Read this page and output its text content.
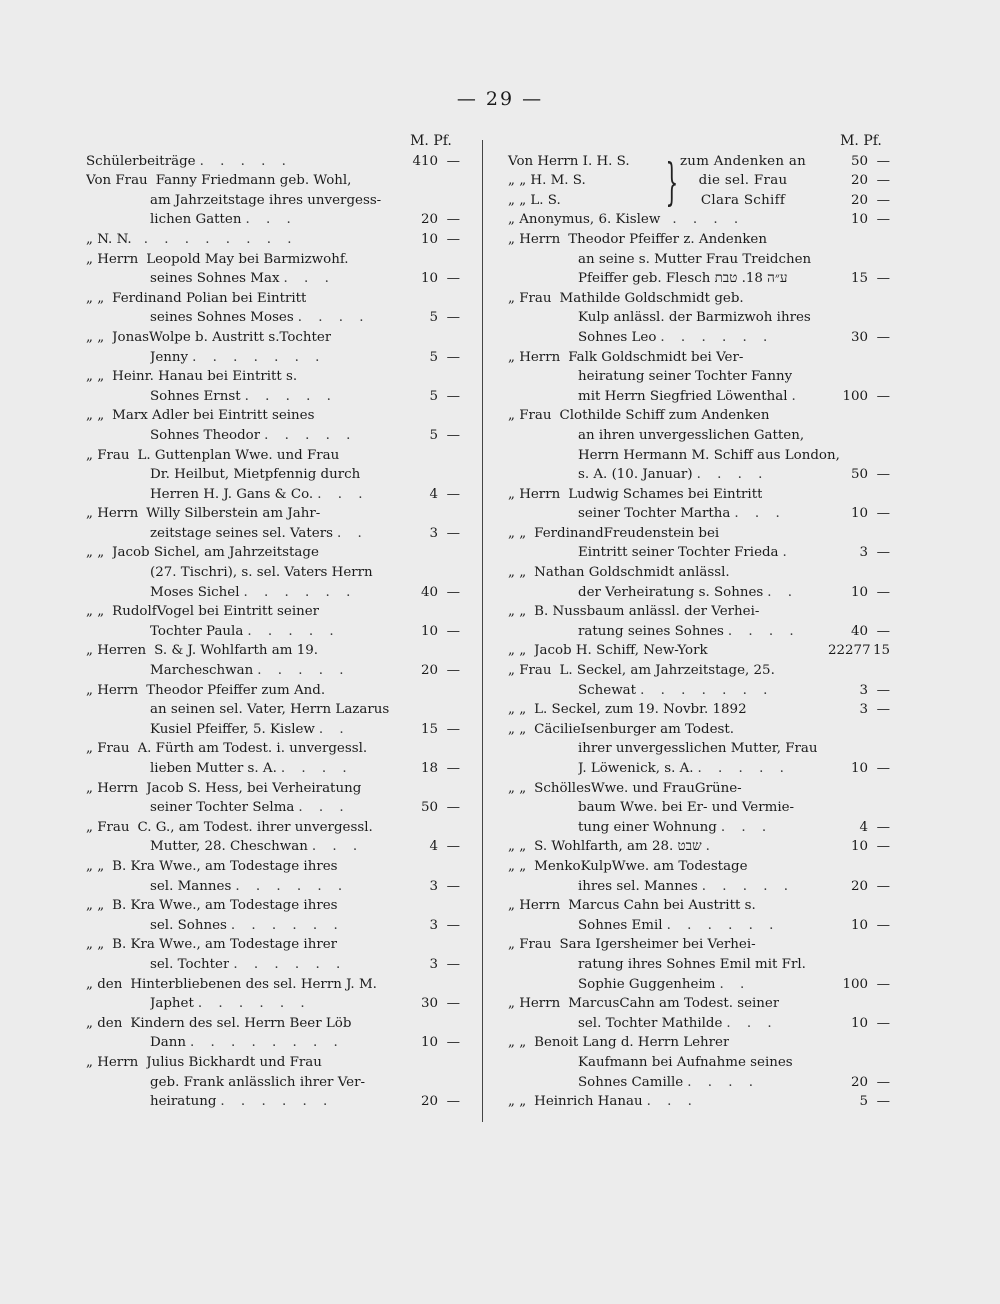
— 29 —
M. Pf.
Schülerbeiträge . . . . .	410 —
Von Frau Fanny Friedmann geb. Wohl,
am Jahrzeitstage ihres unvergess-
lichen Gatten . . .	20 —
„ N. N. . . . . . . . .	10 —
„ Herrn Leopold May bei Barmizwohf.
seines Sohnes Max . . .	10 —
„ „ Ferdinand Polian bei Eintritt
seines Sohnes Moses . . . .	5 —
„ „ JonasWolpe b. Austritt s.Tochter
Jenny . . . . . . .	5 —
„ „ Heinr. Hanau bei Eintritt s.
Sohnes Ernst . . . . .	5 —
„ „ Marx Adler bei Eintritt seines
Sohnes Theodor . . . . .	5 —
„ Frau L. Guttenplan Wwe. und Frau
Dr. Heilbut, Mietpfennig durch
Herren H. J. Gans & Co. . . .	4 —
„ Herrn Willy Silberstein am Jahr-
zeitstage seines sel. Vaters . .	3 —
„ „ Jacob Sichel, am Jahrzeitstage
(27. Tischri), s. sel. Vaters Herrn
Moses Sichel . . . . . .	40 —
„ „ RudolfVogel bei Eintritt seiner
Tochter Paula . . . . .	10 —
„ Herren S. & J. Wohlfarth am 19.
Marcheschwan . . . . .	20 —
„ Herrn Theodor Pfeiffer zum And.
an seinen sel. Vater, Herrn Lazarus
Kusiel Pfeiffer, 5. Kislew . .	15 —
„ Frau A. Fürth am Todest. i. unvergessl.
lieben Mutter s. A. . . . .	18 —
„ Herrn Jacob S. Hess, bei Verheiratung
seiner Tochter Selma . . .	50 —
„ Frau C. G., am Todest. ihrer unvergessl.
Mutter, 28. Cheschwan . . .	4 —
„ „ B. Kra Wwe., am Todestage ihres
sel. Mannes . . . . . .	3 —
„ „ B. Kra Wwe., am Todestage ihres
sel. Sohnes . . . . . .	3 —
„ „ B. Kra Wwe., am Todestage ihrer
sel. Tochter . . . . . .	3 —
„ den Hinterbliebenen des sel. Herrn J. M.
Japhet . . . . . .	30 —
„ den Kindern des sel. Herrn Beer Löb
Dann . . . . . . . .	10 —
„ Herrn Julius Bickhardt und Frau
geb. Frank anlässlich ihrer Ver-
heiratung . . . . . .	20 —
M. Pf.
}
Von Herrn I. H. S.	zum Andenken an	50 —
„ „ H. M. S.	die sel. Frau	20 —
„ „ L. S.	Clara Schiff	20 —
„ Anonymus, 6. Kislew . . . .	10 —
„ Herrn Theodor Pfeiffer z. Andenken
an seine s. Mutter Frau Treidchen
Pfeiffer geb. Flesch ע״ה 18. טבת	15 —
„ Frau Mathilde Goldschmidt geb.
Kulp anlässl. der Barmizwoh ihres
Sohnes Leo . . . . . .	30 —
„ Herrn Falk Goldschmidt bei Ver-
heiratung seiner Tochter Fanny
mit Herrn Siegfried Löwenthal .	100 —
„ Frau Clothilde Schiff zum Andenken
an ihren unvergesslichen Gatten,
Herrn Hermann M. Schiff aus London,
s. A. (10. Januar) . . . .	50 —
„ Herrn Ludwig Schames bei Eintritt
seiner Tochter Martha . . .	10 —
„ „ FerdinandFreudenstein bei
Eintritt seiner Tochter Frieda .	3 —
„ „ Nathan Goldschmidt anlässl.
der Verheiratung s. Sohnes . .	10 —
„ „ B. Nussbaum anlässl. der Verhei-
ratung seines Sohnes . . . .	40 —
„ „ Jacob H. Schiff, New-York	22277 15
„ Frau L. Seckel, am Jahrzeitstage, 25.
Schewat . . . . . . .	3 —
„ „ L. Seckel, zum 19. Novbr. 1892	3 —
„ „ CäcilieIsenburger am Todest.
ihrer unvergesslichen Mutter, Frau
J. Löwenick, s. A. . . . . .	10 —
„ „ SchöllesWwe. und FrauGrüne-
baum Wwe. bei Er- und Vermie-
tung einer Wohnung . . .	4 —
„ „ S. Wohlfarth, am 28. שבט .	10 —
„ „ MenkoKulpWwe. am Todestage
ihres sel. Mannes . . . . .	20 —
„ Herrn Marcus Cahn bei Austritt s.
Sohnes Emil . . . . . .	10 —
„ Frau Sara Igersheimer bei Verhei-
ratung ihres Sohnes Emil mit Frl.
Sophie Guggenheim . .	100 —
„ Herrn MarcusCahn am Todest. seiner
sel. Tochter Mathilde . . .	10 —
„ „ Benoit Lang d. Herrn Lehrer
Kaufmann bei Aufnahme seines
Sohnes Camille . . . .	20 —
„ „ Heinrich Hanau . . .	5 —
